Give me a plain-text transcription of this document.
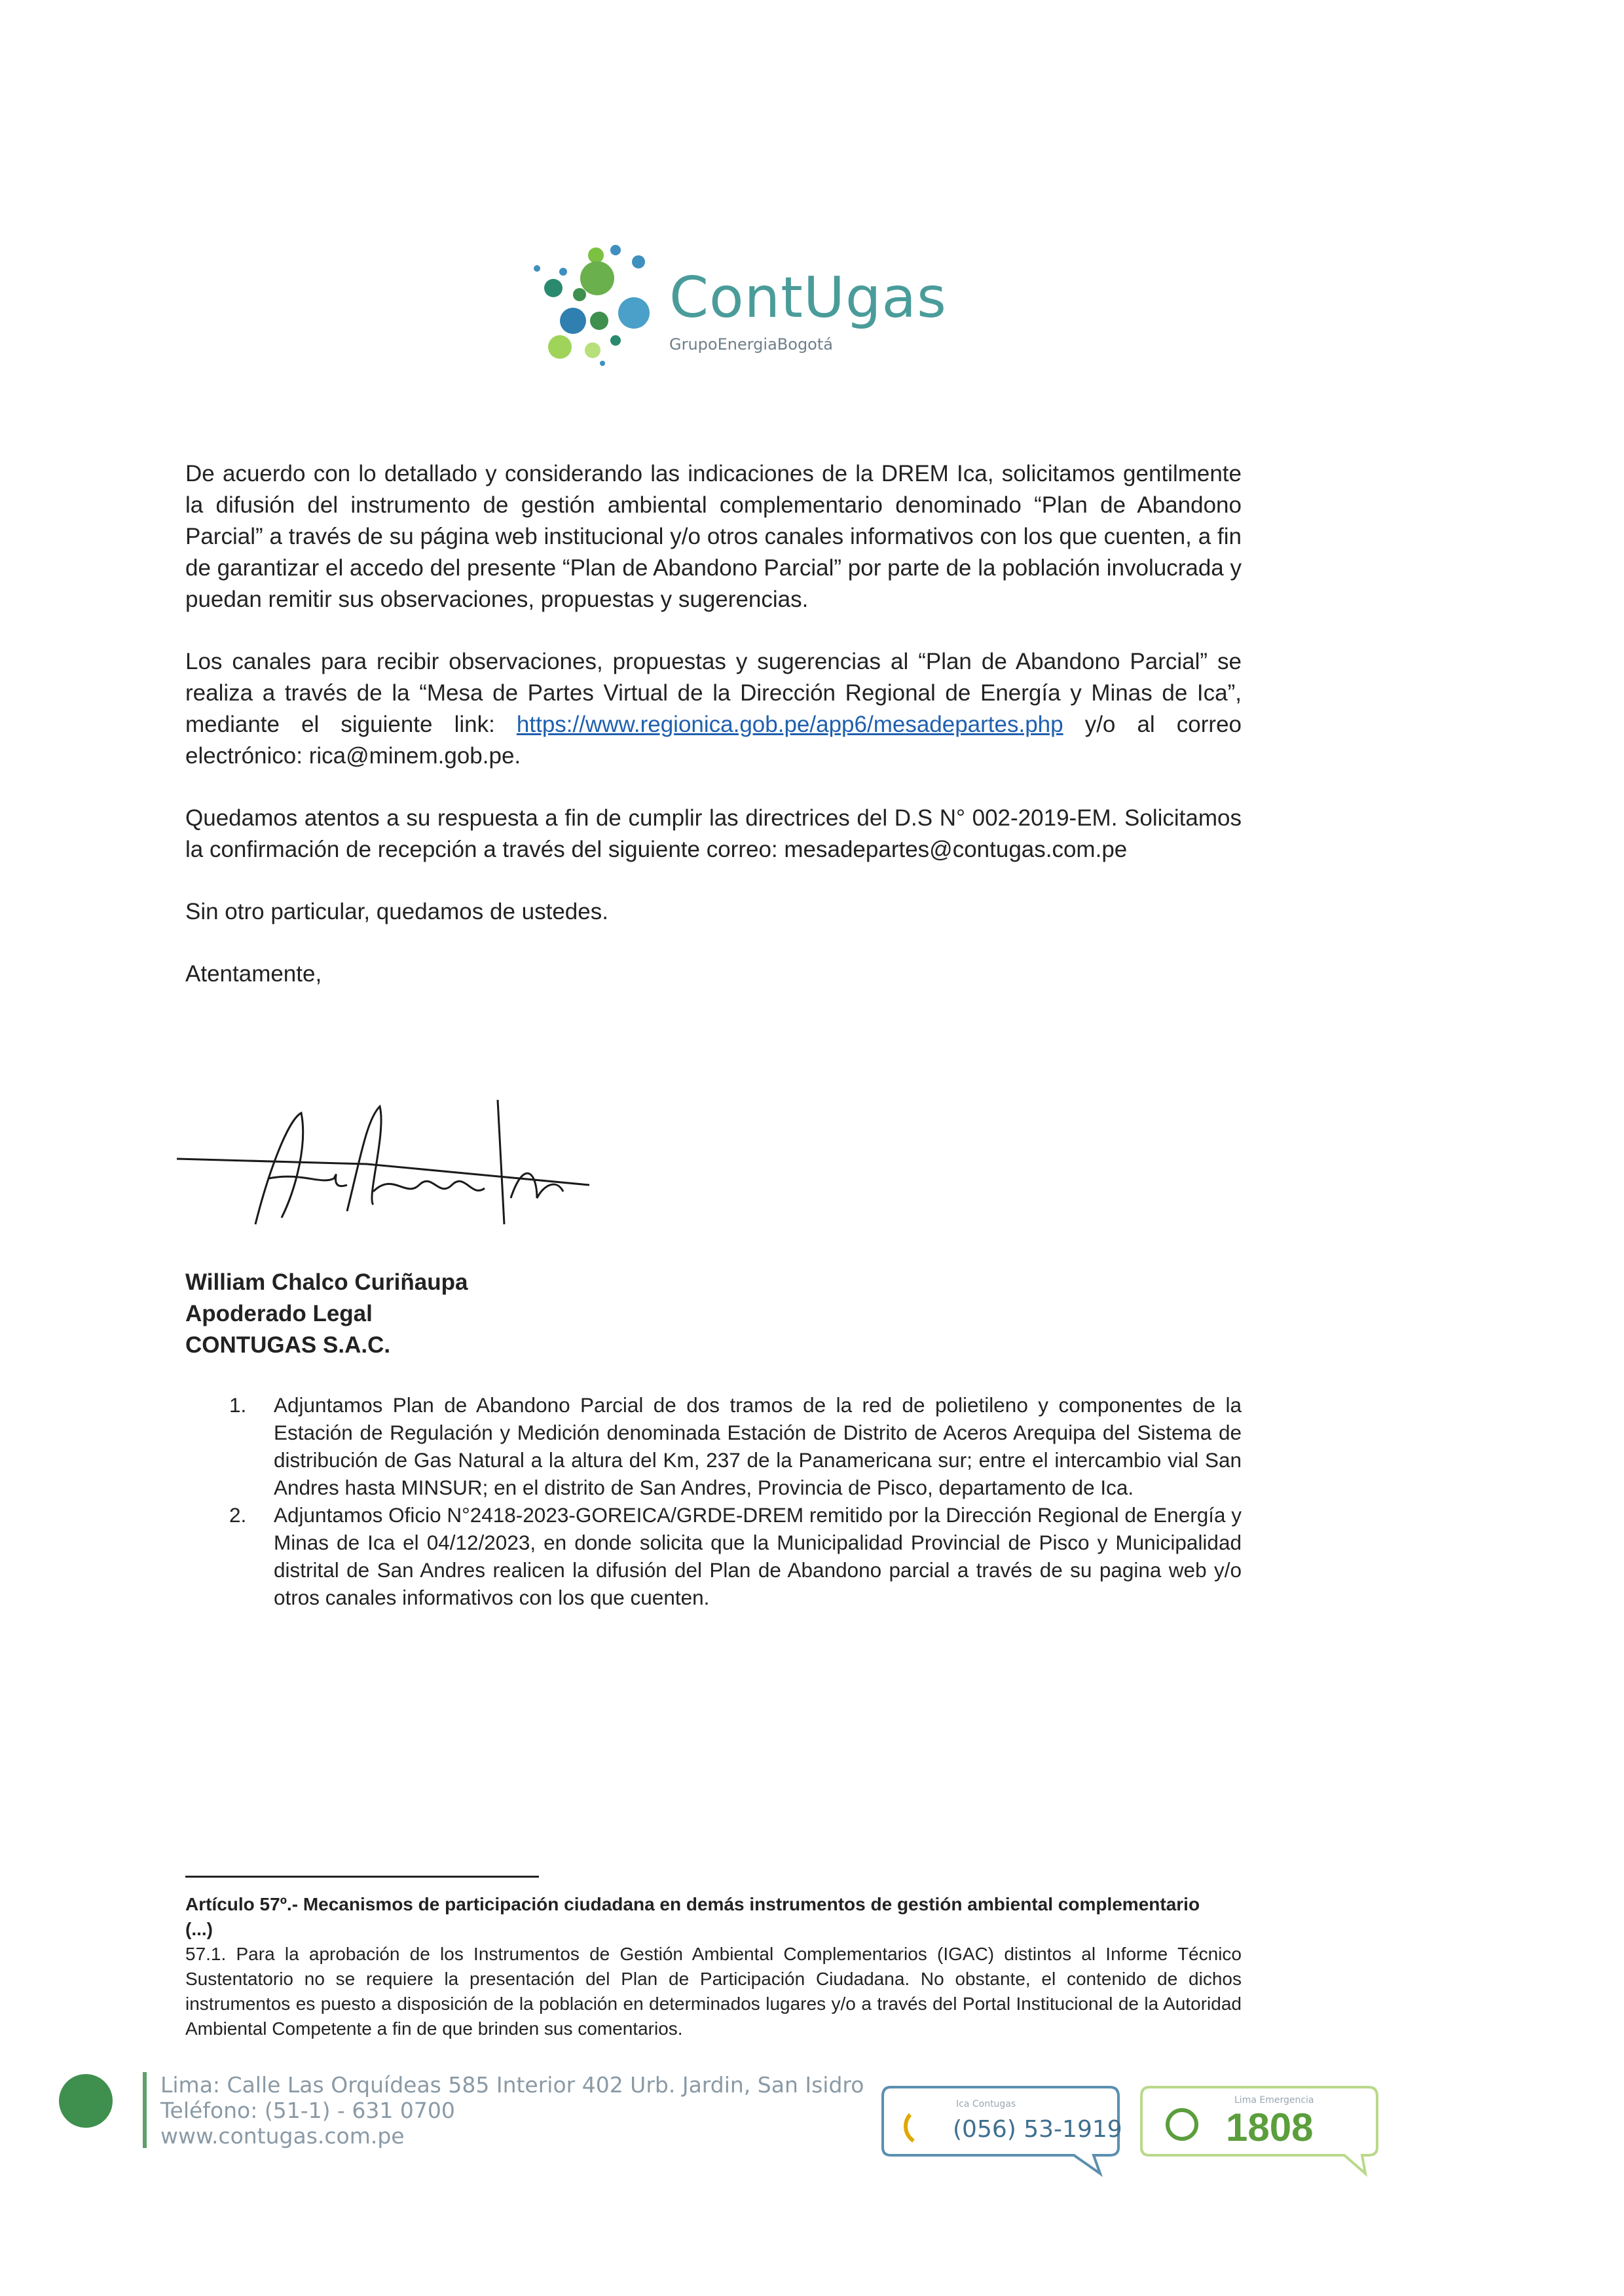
ContUgas
GrupoEnergiaBogotá

De acuerdo con lo detallado y considerando las indicaciones de la DREM Ica, solicitamos gentilmente la difusión del instrumento de gestión ambiental complementario denominado “Plan de Abandono Parcial” a través de su página web institucional y/o otros canales informativos con los que cuenten, a fin de garantizar el accedo del presente “Plan de Abandono Parcial” por parte de la población involucrada y puedan remitir sus observaciones, propuestas y sugerencias.

Los canales para recibir observaciones, propuestas y sugerencias al “Plan de Abandono Parcial” se realiza a través de la “Mesa de Partes Virtual de la Dirección Regional de Energía y Minas de Ica”, mediante el siguiente link: https://www.regionica.gob.pe/app6/mesadepartes.php y/o al correo electrónico: rica@minem.gob.pe.

Quedamos atentos a su respuesta a fin de cumplir las directrices del D.S N° 002-2019-EM. Solicitamos la confirmación de recepción a través del siguiente correo: mesadepartes@contugas.com.pe

Sin otro particular, quedamos de ustedes.

Atentamente,

William Chalco Curiñaupa
Apoderado Legal
CONTUGAS S.A.C.
1.	Adjuntamos Plan de Abandono Parcial de dos tramos de la red de polietileno y componentes de la Estación de Regulación y Medición denominada Estación de Distrito de Aceros Arequipa del Sistema de distribución de Gas Natural a la altura del Km, 237 de la Panamericana sur; entre el intercambio vial San Andres hasta MINSUR; en el distrito de San Andres, Provincia de Pisco, departamento de Ica.
2.	Adjuntamos Oficio N°2418-2023-GOREICA/GRDE-DREM remitido por la Dirección Regional de Energía y Minas de Ica el 04/12/2023, en donde solicita que la Municipalidad Provincial de Pisco y Municipalidad distrital de San Andres realicen la difusión del Plan de Abandono parcial a través de su pagina web y/o otros canales informativos con los que cuenten.
Artículo 57º.- Mecanismos de participación ciudadana en demás instrumentos de gestión ambiental complementario
(...)
57.1. Para la aprobación de los Instrumentos de Gestión Ambiental Complementarios (IGAC) distintos al Informe Técnico Sustentatorio no se requiere la presentación del Plan de Participación Ciudadana. No obstante, el contenido de dichos instrumentos es puesto a disposición de la población en determinados lugares y/o a través del Portal Institucional de la Autoridad Ambiental Competente a fin de que brinden sus comentarios.
Lima: Calle Las Orquídeas 585 Interior 402 Urb. Jardin, San Isidro
Teléfono: (51-1) - 631 0700
www.contugas.com.pe
Ica Contugas
(056) 53-1919
Lima Emergencia
1808
